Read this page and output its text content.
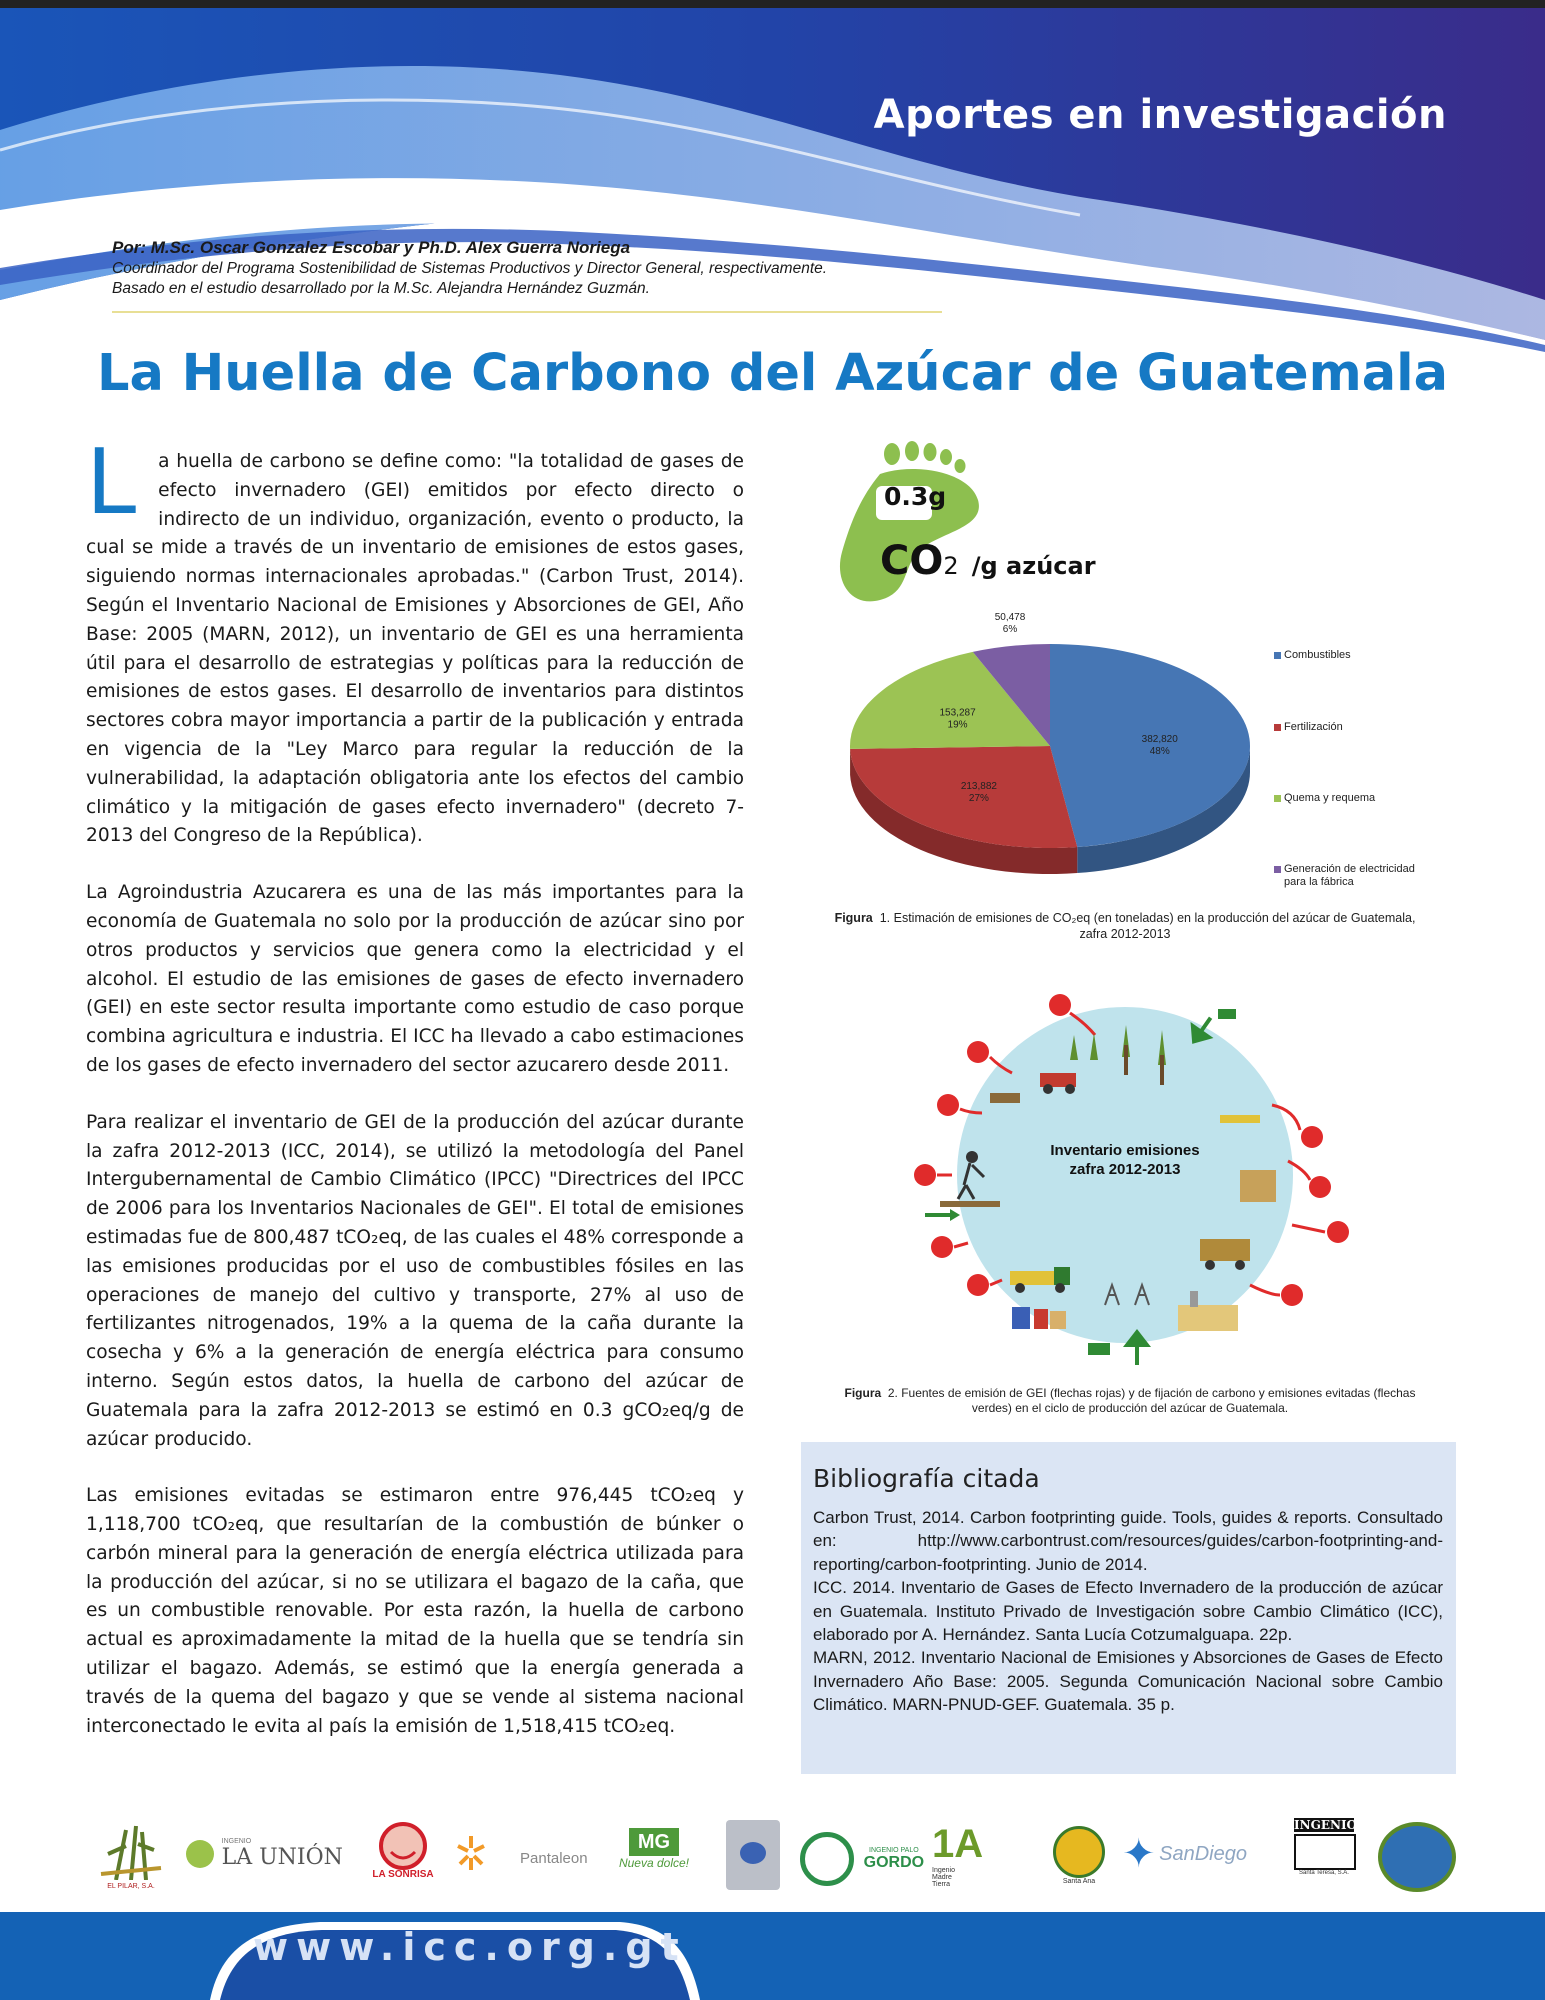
Aportes en investigación
Por: M.Sc. Oscar Gonzalez Escobar y Ph.D. Alex Guerra Noriega
Coordinador del Programa Sostenibilidad de Sistemas Productivos y Director General, respectivamente.
Basado en el estudio desarrollado por la M.Sc. Alejandra Hernández Guzmán.
La Huella de Carbono del Azúcar de Guatemala

L a huella de carbono se define como: "la totalidad de gases de efecto invernadero (GEI) emitidos por efecto directo o indirecto de un individuo, organización, evento o producto, la cual se mide a través de un inventario de emisiones de estos gases, siguiendo normas internacionales aprobadas." (Carbon Trust, 2014). Según el Inventario Nacional de Emisiones y Absorciones de GEI, Año Base: 2005 (MARN, 2012), un inventario de GEI es una herramienta útil para el desarrollo de estrategias y políticas para la reducción de emisiones de estos gases. El desarrollo de inventarios para distintos sectores cobra mayor importancia a partir de la publicación y entrada en vigencia de la "Ley Marco para regular la reducción de la vulnerabilidad, la adaptación obligatoria ante los efectos del cambio climático y la mitigación de gases efecto invernadero" (decreto 7-2013 del Congreso de la República).

La Agroindustria Azucarera es una de las más importantes para la economía de Guatemala no solo por la producción de azúcar sino por otros productos y servicios que genera como la electricidad y el alcohol. El estudio de las emisiones de gases de efecto invernadero (GEI) en este sector resulta importante como estudio de caso porque combina agricultura e industria. El ICC ha llevado a cabo estimaciones de los gases de efecto invernadero del sector azucarero desde 2011.

Para realizar el inventario de GEI de la producción del azúcar durante la zafra 2012-2013 (ICC, 2014), se utilizó la metodología del Panel Intergubernamental de Cambio Climático (IPCC) "Directrices del IPCC de 2006 para los Inventarios Nacionales de GEI". El total de emisiones estimadas fue de 800,487 tCO₂eq, de las cuales el 48% corresponde a las emisiones producidas por el uso de combustibles fósiles en las operaciones de manejo del cultivo y transporte, 27% al uso de fertilizantes nitrogenados, 19% a la quema de la caña durante la cosecha y 6% a la generación de energía eléctrica para consumo interno. Según estos datos, la huella de carbono del azúcar de Guatemala para la zafra 2012-2013 se estimó en 0.3 gCO₂eq/g de azúcar producido.

Las emisiones evitadas se estimaron entre 976,445 tCO₂eq y 1,118,700 tCO₂eq, que resultarían de la combustión de búnker o carbón mineral para la generación de energía eléctrica utilizada para la producción del azúcar, si no se utilizara el bagazo de la caña, que es un combustible renovable. Por esta razón, la huella de carbono actual es aproximadamente la mitad de la huella que se tendría sin utilizar el bagazo. Además, se estimó que la energía generada a través de la quema del bagazo y que se vende al sistema nacional interconectado le evita al país la emisión de 1,518,415 tCO₂eq.

0.3g
CO2 /g azúcar
382,820
48%
213,882
27%
153,287
19%
50,478
6%
Combustibles
Fertilización
Quema y requema
Generación de electricidad
para la fábrica
Figura 1. Estimación de emisiones de CO₂eq (en toneladas) en la producción del azúcar de Guatemala, zafra 2012-2013
Inventario emisiones
zafra 2012-2013
Figura 2. Fuentes de emisión de GEI (flechas rojas) y de fijación de carbono y emisiones evitadas (flechas verdes) en el ciclo de producción del azúcar de Guatemala.
Bibliografía citada

Carbon Trust, 2014. Carbon footprinting guide. Tools, guides & reports. Consultado en: http://www.carbontrust.com/resources/guides/carbon-footprinting-and-reporting/carbon-footprinting. Junio de 2014.

ICC. 2014. Inventario de Gases de Efecto Invernadero de la producción de azúcar en Guatemala. Instituto Privado de Investigación sobre Cambio Climático (ICC), elaborado por A. Hernández. Santa Lucía Cotzumalguapa. 22p.

MARN, 2012. Inventario Nacional de Emisiones y Absorciones de Gases de Efecto Invernadero Año Base: 2005. Segunda Comunicación Nacional sobre Cambio Climático. MARN-PNUD-GEF. Guatemala. 35 p.

EL PILAR, S.A.

INGENIO
LA UNIÓN
LA SONRISA
Pantaleon
MG
Nueva dolce!

INGENIO PALO
GORDO 1A Ingenio Madre Tierra	Santa Ana
✦ SanDiego
INGENIO
Santa Teresa, S.A.
www.icc.org.gt
